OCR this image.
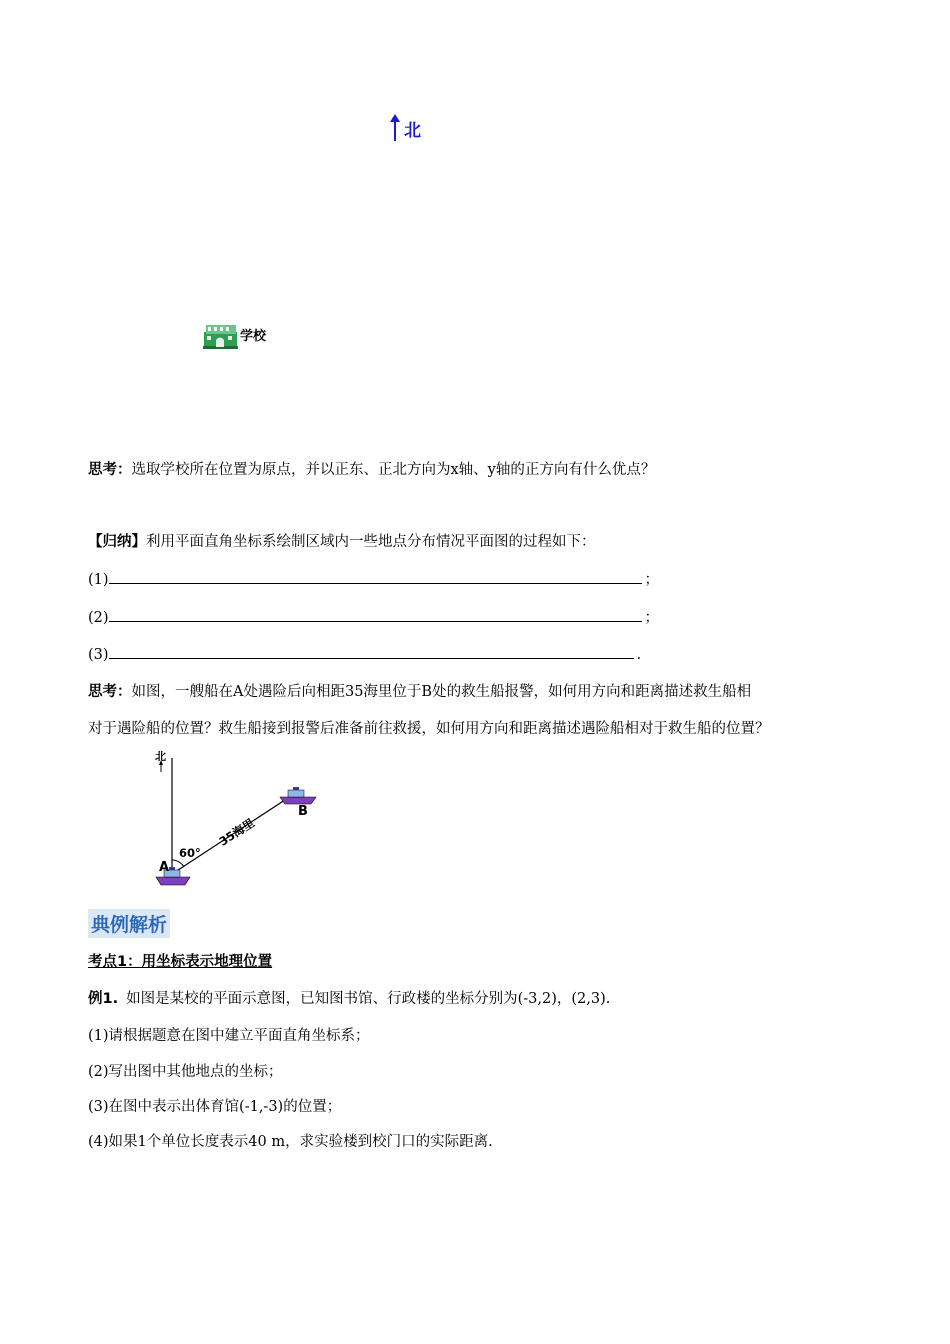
北
学校
思考：选取学校所在位置为原点，并以正东、正北方向为x轴、y轴的正方向有什么优点？
【归纳】利用平面直角坐标系绘制区域内一些地点分布情况平面图的过程如下：
(1)	；
(2)	；
(3)	.
思考：如图，一艘船在A处遇险后向相距35海里位于B处的救生船报警，如何用方向和距离描述救生船相
对于遇险船的位置？救生船接到报警后准备前往救援，如何用方向和距离描述遇险船相对于救生船的位置？
北
B
A
60°
35海里
典例解析
考点1：用坐标表示地理位置
例1. 如图是某校的平面示意图，已知图书馆、行政楼的坐标分别为(-3,2)，(2,3).
(1)请根据题意在图中建立平面直角坐标系；
(2)写出图中其他地点的坐标；
(3)在图中表示出体育馆(-1,-3)的位置；
(4)如果1个单位长度表示40 m，求实验楼到校门口的实际距离.
